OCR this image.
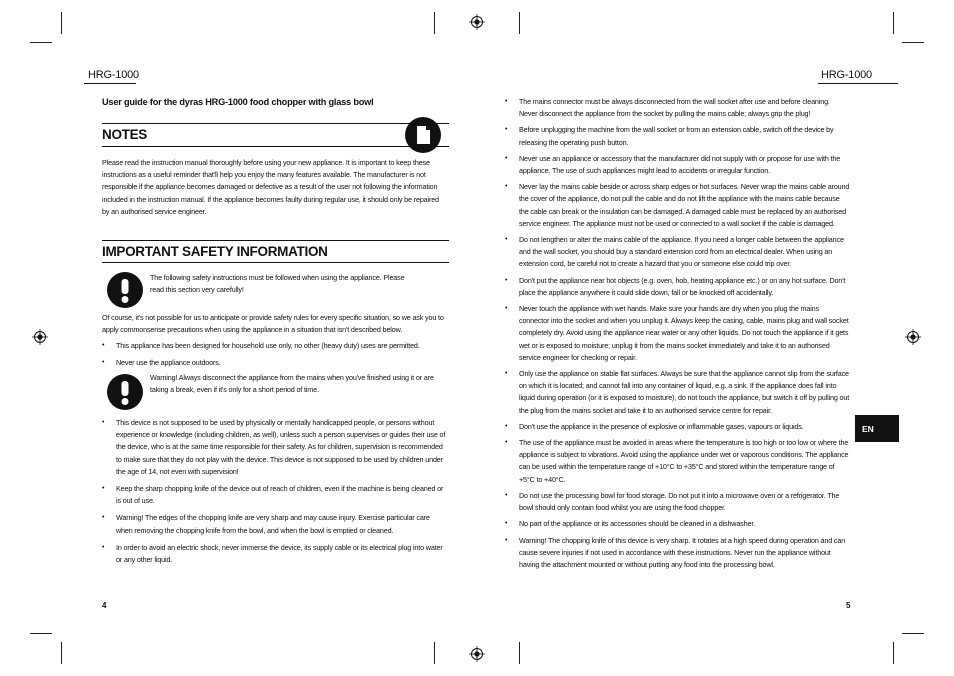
HRG-1000	HRG-1000
User guide for the dyras HRG-1000 food chopper with glass bowl
NOTES
Please read the instruction manual thoroughly before using your new appliance. It is important to keep these instructions as a useful reminder that'll help you enjoy the many features available. The manufacturer is not responsible if the appliance becomes damaged or defective as a result of the user not following the information included in the instruction manual. If the appliance becomes faulty during regular use, it should only be repaired by an authorised service engineer.
IMPORTANT SAFETY INFORMATION
The following safety instructions must be followed when using the appliance. Please read this section very carefully!
Of course, it's not possible for us to anticipate or provide safety rules for every specific situation, so we ask you to apply commonsense precautions when using the appliance in a situation that isn't described below.
• This appliance has been designed for household use only, no other (heavy duty) uses are permitted.
• Never use the appliance outdoors.
Warning! Always disconnect the appliance from the mains when you've finished using it or are taking a break, even if it's only for a short period of time.
• This device is not supposed to be used by physically or mentally handicapped people, or persons without experience or knowledge (including children, as well), unless such a person supervises or guides their use of the device, who is at the same time responsible for their safety. As for children, supervision is recommended to make sure that they do not play with the device. This device is not supposed to be used by children under the age of 14, not even with supervision!
• Keep the sharp chopping knife of the device out of reach of children, even if the machine is being cleaned or is out of use.
• Warning! The edges of the chopping knife are very sharp and may cause injury. Exercise particular care when removing the chopping knife from the bowl, and when the bowl is emptied or cleaned.
• In order to avoid an electric shock, never immerse the device, its supply cable or its electrical plug into water or any other liquid.
4
• The mains connector must be always disconnected from the wall socket after use and before cleaning. Never disconnect the appliance from the socket by pulling the mains cable; always grip the plug!
• Before unplugging the machine from the wall socket or from an extension cable, switch off the device by releasing the operating push button.
• Never use an appliance or accessory that the manufacturer did not supply with or propose for use with the appliance. The use of such appliances might lead to accidents or irregular function.
• Never lay the mains cable beside or across sharp edges or hot surfaces. Never wrap the mains cable around the cover of the appliance, do not pull the cable and do not lift the appliance with the mains cable because the cable can break or the insulation can be damaged. A damaged cable must be replaced by an authorised service engineer. The appliance must not be used or connected to a wall socket if the cable is damaged.
• Do not lengthen or alter the mains cable of the appliance. If you need a longer cable between the appliance and the wall socket, you should buy a standard extension cord from an electrical dealer. When using an extension cord, be careful not to create a hazard that you or someone else could trip over.
• Don't put the appliance near hot objects (e.g. oven, hob, heating appliance etc.) or on any hot surface. Don't place the appliance anywhere it could slide down, fall or be knocked off accidentally.
• Never touch the appliance with wet hands. Make sure your hands are dry when you plug the mains connector into the socket and when you unplug it. Always keep the casing, cable, mains plug and wall socket completely dry. Avoid using the appliance near water or any other liquids. Do not touch the appliance if it gets wet or is exposed to moisture; unplug it from the mains socket immediately and take it to an authorised service engineer for checking or repair.
• Only use the appliance on stable flat surfaces. Always be sure that the appliance cannot slip from the surface on which it is located; and cannot fall into any container of liquid, e.g. a sink. If the appliance does fall into liquid during operation (or it is exposed to moisture), do not touch the appliance, but switch it off by pulling out the plug from the mains socket and take it to an authorised service centre for repair.
• Don't use the appliance in the presence of explosive or inflammable gases, vapours or liquids.
• The use of the appliance must be avoided in areas where the temperature is too high or too low or where the appliance is subject to vibrations. Avoid using the appliance under wet or vaporous conditions. The appliance can be used within the temperature range of +10°C to +35°C and stored within the temperature range of +5°C to +40°C.
• Do not use the processing bowl for food storage. Do not put it into a microwave oven or a refrigerator. The bowl should only contain food whilst you are using the food chopper.
• No part of the appliance or its accessories should be cleaned in a dishwasher.
• Warning! The chopping knife of this device is very sharp. It rotates at a high speed during operation and can cause severe injuries if not used in accordance with these instructions. Never run the appliance without having the attachment mounted or without putting any food into the processing bowl.
EN
5
